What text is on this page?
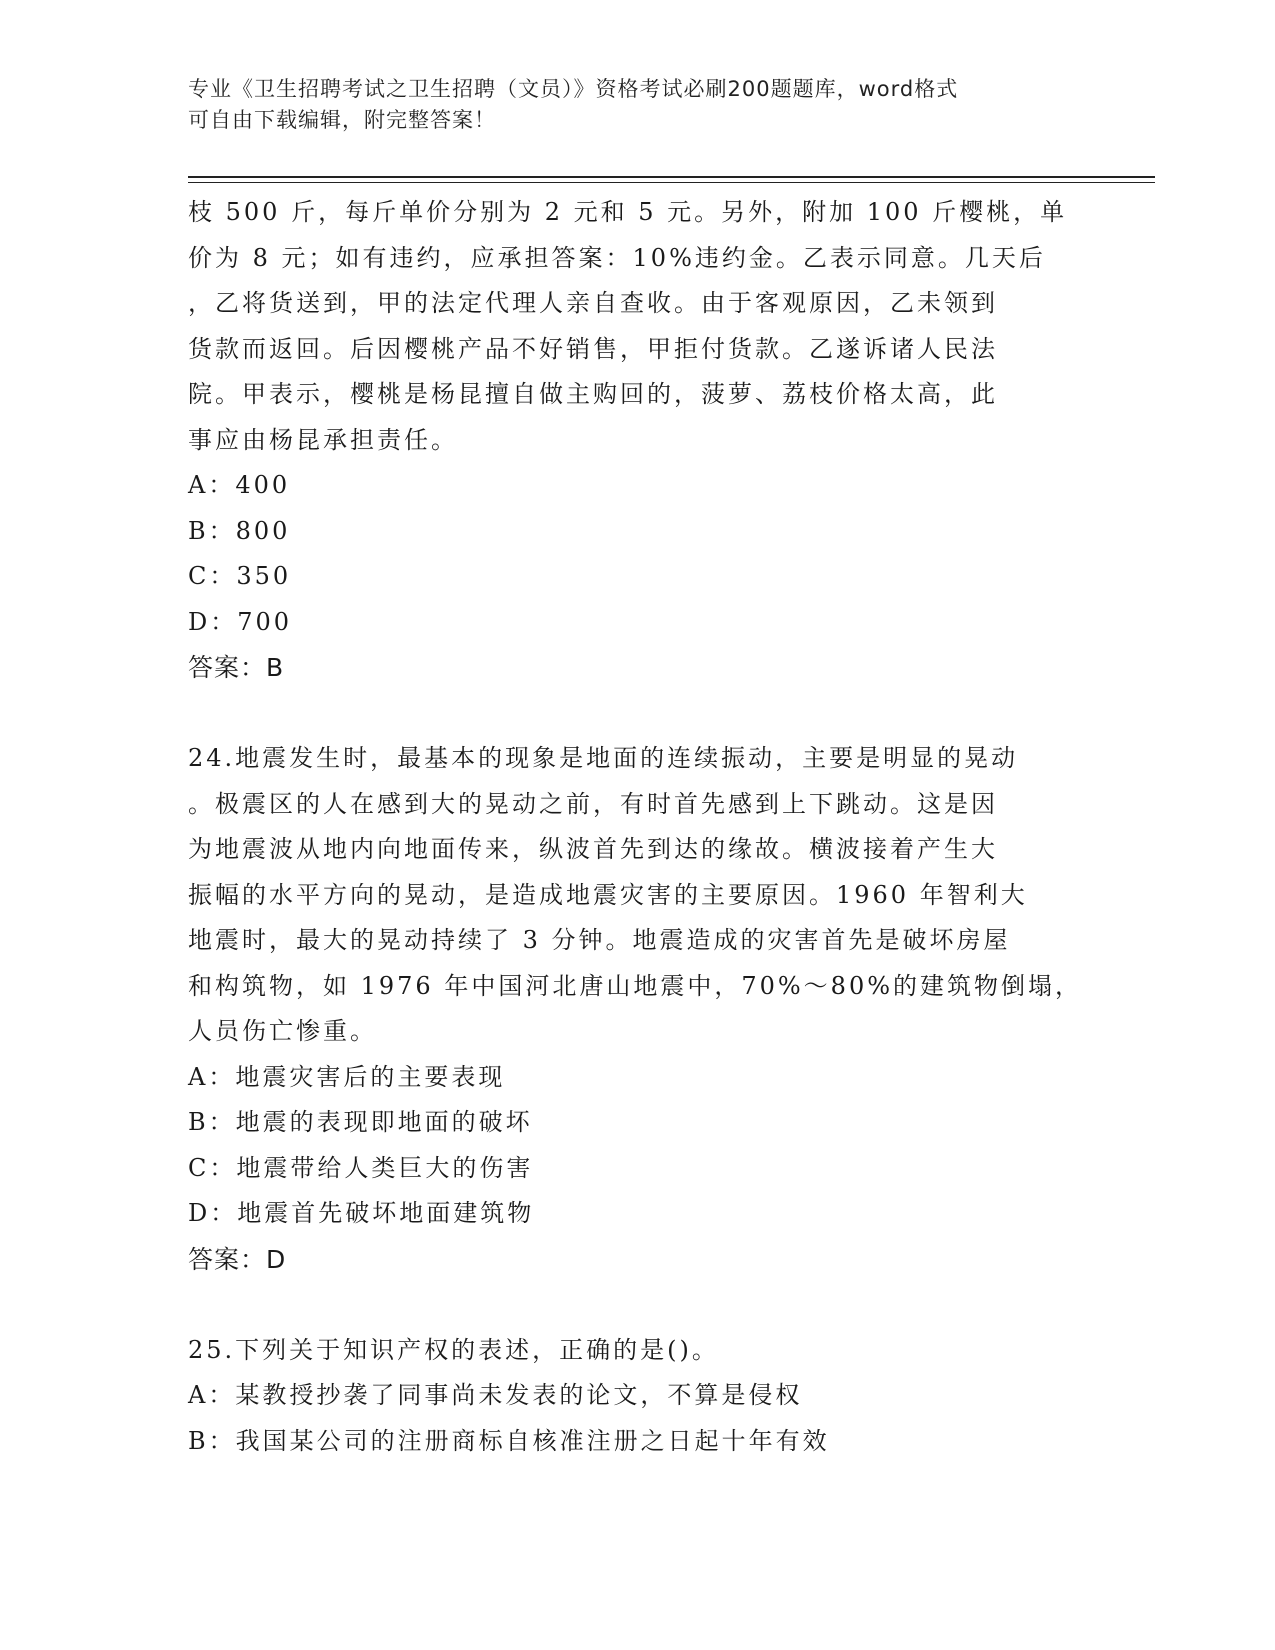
专业《卫生招聘考试之卫生招聘（文员）》资格考试必刷200题题库，word格式
可自由下载编辑，附完整答案！
枝 500 斤，每斤单价分别为 2 元和 5 元。另外，附加 100 斤樱桃，单
价为 8 元；如有违约，应承担答案：10%违约金。乙表示同意。几天后
，乙将货送到，甲的法定代理人亲自查收。由于客观原因，乙未领到
货款而返回。后因樱桃产品不好销售，甲拒付货款。乙遂诉诸人民法
院。甲表示，樱桃是杨昆擅自做主购回的，菠萝、荔枝价格太高，此
事应由杨昆承担责任。
A：400
B：800
C：350
D：700
答案：B
24.地震发生时，最基本的现象是地面的连续振动，主要是明显的晃动
。极震区的人在感到大的晃动之前，有时首先感到上下跳动。这是因
为地震波从地内向地面传来，纵波首先到达的缘故。横波接着产生大
振幅的水平方向的晃动，是造成地震灾害的主要原因。1960 年智利大
地震时，最大的晃动持续了 3 分钟。地震造成的灾害首先是破坏房屋
和构筑物，如 1976 年中国河北唐山地震中，70%～80%的建筑物倒塌，
人员伤亡惨重。
A：地震灾害后的主要表现
B：地震的表现即地面的破坏
C：地震带给人类巨大的伤害
D：地震首先破坏地面建筑物
答案：D
25.下列关于知识产权的表述，正确的是()。
A：某教授抄袭了同事尚未发表的论文，不算是侵权
B：我国某公司的注册商标自核准注册之日起十年有效
